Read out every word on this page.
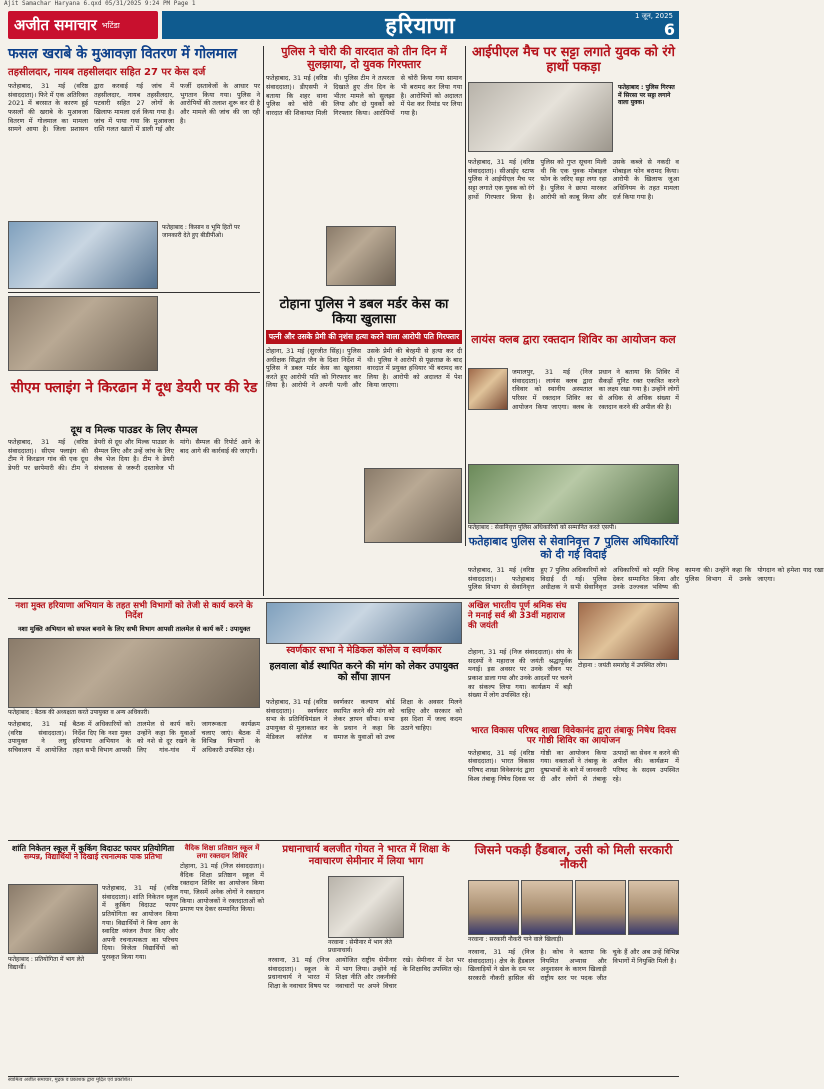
Ajit Samachar Haryana 6.qxd 05/31/2025 9:24 PM Page 1
अजीत समाचार भटिंडा	हरियाणा	1 जून, 2025
6
फसल खराबे के मुआवज़ा वितरण में गोलमाल
तहसीलदार, नायब तहसीलदार सहित 27 पर केस दर्ज
फतेहाबाद, 31 मई (वरिष्ठ संवाददाता)। फिरे में एक अतिरिक्त 2021 में बरसात के कारण हुई फसलों की खराबे के मुआवजा वितरण में गोलमाल का मामला सामने आया है। जिला प्रशासन द्वारा करवाई गई जांच में तहसीलदार, नायब तहसीलदार, पटवारी सहित 27 लोगों के खिलाफ मामला दर्ज किया गया है। जांच में पाया गया कि मुआवजा राशि गलत खातों में डाली गई और फर्जी दस्तावेजों के आधार पर भुगतान किया गया। पुलिस ने आरोपियों की तलाश शुरू कर दी है और मामले की जांच की जा रही है।
फतेहाबाद : किसान व भूमि हितों पर जानकारी देते हुए बीडीपीओ।
पुलिस ने चोरी की वारदात को तीन दिन में सुलझाया, दो युवक गिरफ्तार
फतेहाबाद, 31 मई (वरिष्ठ संवाददाता)। डीएसपी ने बताया कि शहर थाना पुलिस को चोरी की वारदात की शिकायत मिली थी। पुलिस टीम ने तत्परता दिखाते हुए तीन दिन के भीतर मामले को सुलझा लिया और दो युवकों को गिरफ्तार किया। आरोपियों से चोरी किया गया सामान भी बरामद कर लिया गया है। आरोपियों को अदालत में पेश कर रिमांड पर लिया गया है।
आईपीएल मैच पर सट्टा लगाते युवक को रंगे हाथों पकड़ा
फतेहाबाद : पुलिस गिरफ्त में सिरसा पर सट्टा लगाने वाला युवक।
फतेहाबाद, 31 मई (वरिष्ठ संवाददाता)। सीआईए स्टाफ पुलिस ने आईपीएल मैच पर सट्टा लगाते एक युवक को रंगे हाथों गिरफ्तार किया है। पुलिस को गुप्त सूचना मिली थी कि एक युवक मोबाइल फोन के जरिए सट्टा लगा रहा है। पुलिस ने छापा मारकर आरोपी को काबू किया और उसके कब्जे से नकदी व मोबाइल फोन बरामद किया। आरोपी के खिलाफ जुआ अधिनियम के तहत मामला दर्ज किया गया है।
टोहाना पुलिस ने डबल मर्डर केस का किया खुलासा
पत्नी और उसके प्रेमी की नृशंस हत्या करने वाला आरोपी पति गिरफ्तार
टोहाना, 31 मई (सुरजीत सिंह)। पुलिस अधीक्षक सिद्धांत जैन के दिशा निर्देश में पुलिस ने डबल मर्डर केस का खुलासा करते हुए आरोपी पति को गिरफ्तार कर लिया है। आरोपी ने अपनी पत्नी और उसके प्रेमी की बेरहमी से हत्या कर दी थी। पुलिस ने आरोपी से पूछताछ के बाद वारदात में प्रयुक्त हथियार भी बरामद कर लिया है। आरोपी को अदालत में पेश किया जाएगा।
सीएम फ्लाइंग ने किरढान में दूध डेयरी पर की रेड
दूध व मिल्क पाउडर के लिए सैम्पल
फतेहाबाद, 31 मई (वरिष्ठ संवाददाता)। सीएम फ्लाइंग की टीम ने किरढान गांव की एक दूध डेयरी पर छापेमारी की। टीम ने डेयरी से दूध और मिल्क पाउडर के सैम्पल लिए और उन्हें जांच के लिए लैब भेज दिया है। टीम ने डेयरी संचालक से जरूरी दस्तावेज भी मांगे। सैम्पल की रिपोर्ट आने के बाद आगे की कार्रवाई की जाएगी।
लायंस क्लब द्वारा रक्तदान शिविर का आयोजन कल
जमालपुर, 31 मई (निज संवाददाता)। लायंस क्लब द्वारा रविवार को स्थानीय अस्पताल परिसर में रक्तदान शिविर का आयोजन किया जाएगा। क्लब के प्रधान ने बताया कि शिविर में सैकड़ों यूनिट रक्त एकत्रित करने का लक्ष्य रखा गया है। उन्होंने लोगों से अधिक से अधिक संख्या में रक्तदान करने की अपील की है।
फतेहाबाद : सेवानिवृत्त पुलिस अधिकारियों को सम्मानित करते एसपी।
फतेहाबाद पुलिस से सेवानिवृत्त 7 पुलिस अधिकारियों को दी गई विदाई
फतेहाबाद, 31 मई (वरिष्ठ संवाददाता)। फतेहाबाद पुलिस विभाग से सेवानिवृत्त हुए 7 पुलिस अधिकारियों को विदाई दी गई। पुलिस अधीक्षक ने सभी सेवानिवृत्त अधिकारियों को स्मृति चिन्ह देकर सम्मानित किया और उनके उज्ज्वल भविष्य की कामना की। उन्होंने कहा कि पुलिस विभाग में उनके योगदान को हमेशा याद रखा जाएगा।
नशा मुक्त हरियाणा अभियान के तहत सभी विभागों को तेजी से कार्य करने के निर्देश
नशा मुक्ति अभियान को सफल बनाने के लिए सभी विभाग आपसी तालमेल से कार्य करें : उपायुक्त
फतेहाबाद : बैठक की अध्यक्षता करते उपायुक्त व अन्य अधिकारी।
फतेहाबाद, 31 मई (वरिष्ठ संवाददाता)। उपायुक्त ने लघु सचिवालय में आयोजित बैठक में अधिकारियों को निर्देश दिए कि नशा मुक्त हरियाणा अभियान के तहत सभी विभाग आपसी तालमेल से कार्य करें। उन्होंने कहा कि युवाओं को नशे से दूर रखने के लिए गांव-गांव में जागरूकता कार्यक्रम चलाए जाएं। बैठक में विभिन्न विभागों के अधिकारी उपस्थित रहे।
स्वर्णकार सभा ने मेडिकल कॉलेज व स्वर्णकार
हलवाला बोर्ड स्थापित करने की मांग को लेकर उपायुक्त को सौंपा ज्ञापन
फतेहाबाद, 31 मई (वरिष्ठ संवाददाता)। स्वर्णकार सभा के प्रतिनिधिमंडल ने उपायुक्त से मुलाकात कर मेडिकल कॉलेज व स्वर्णकार कल्याण बोर्ड स्थापित करने की मांग को लेकर ज्ञापन सौंपा। सभा के प्रधान ने कहा कि समाज के युवाओं को उच्च शिक्षा के अवसर मिलने चाहिए और सरकार को इस दिशा में जल्द कदम उठाने चाहिए।
अखिल भारतीय पूर्ण श्रमिक संघ ने मनाई सर्व श्री 33वीं महाराज की जयंती
टोहाना, 31 मई (निज संवाददाता)। संघ के सदस्यों ने महाराज की जयंती श्रद्धापूर्वक मनाई। इस अवसर पर उनके जीवन पर प्रकाश डाला गया और उनके आदर्शों पर चलने का संकल्प लिया गया। कार्यक्रम में बड़ी संख्या में लोग उपस्थित रहे।
टोहाना : जयंती समारोह में उपस्थित लोग।
भारत विकास परिषद शाखा विवेकानंद द्वारा तंबाकू निषेध दिवस पर गोष्ठी शिविर का आयोजन
फतेहाबाद, 31 मई (वरिष्ठ संवाददाता)। भारत विकास परिषद शाखा विवेकानंद द्वारा विश्व तंबाकू निषेध दिवस पर गोष्ठी का आयोजन किया गया। वक्ताओं ने तंबाकू के दुष्प्रभावों के बारे में जानकारी दी और लोगों से तंबाकू उत्पादों का सेवन न करने की अपील की। कार्यक्रम में परिषद के सदस्य उपस्थित रहे।
शांति निकेतन स्कूल में कुकिंग विदाउट फायर प्रतियोगिता
सम्पन्न, विद्यार्थियों ने दिखाई रचनात्मक पाक प्रतिभा
फतेहाबाद : प्रतियोगिता में भाग लेते विद्यार्थी।
फतेहाबाद, 31 मई (वरिष्ठ संवाददाता)। शांति निकेतन स्कूल में कुकिंग विदाउट फायर प्रतियोगिता का आयोजन किया गया। विद्यार्थियों ने बिना आग के स्वादिष्ट व्यंजन तैयार किए और अपनी रचनात्मकता का परिचय दिया। विजेता विद्यार्थियों को पुरस्कृत किया गया।
वैदिक शिक्षा प्रतिष्ठान स्कूल में लगा रक्तदान शिविर
टोहाना, 31 मई (निज संवाददाता)। वैदिक शिक्षा प्रतिष्ठान स्कूल में रक्तदान शिविर का आयोजन किया गया, जिसमें अनेक लोगों ने रक्तदान किया। आयोजकों ने रक्तदाताओं को प्रमाण पत्र देकर सम्मानित किया।
प्रधानाचार्य बलजीत गोयत ने भारत में शिक्षा के नवाचारण सेमीनार में लिया भाग
नरवाना : सेमीनार में भाग लेते प्रधानाचार्य।
नरवाना, 31 मई (निज संवाददाता)। स्कूल के प्रधानाचार्य ने भारत में शिक्षा के नवाचार विषय पर आयोजित राष्ट्रीय सेमीनार में भाग लिया। उन्होंने नई शिक्षा नीति और तकनीकी नवाचारों पर अपने विचार रखे। सेमीनार में देश भर के शिक्षाविद उपस्थित रहे।
जिसने पकड़ी हैंडबाल, उसी को मिली सरकारी नौकरी
नरवाना : सरकारी नौकरी पाने वाले खिलाड़ी।
नरवाना, 31 मई (निज संवाददाता)। क्षेत्र के हैंडबाल खिलाड़ियों ने खेल के दम पर सरकारी नौकरी हासिल की है। कोच ने बताया कि नियमित अभ्यास और अनुशासन के कारण खिलाड़ी राष्ट्रीय स्तर पर पदक जीत चुके हैं और अब उन्हें विभिन्न विभागों में नियुक्ति मिली है।
स्वामित्व अजीत समाचार, मुद्रक व प्रकाशक द्वारा मुद्रित एवं प्रकाशित।
